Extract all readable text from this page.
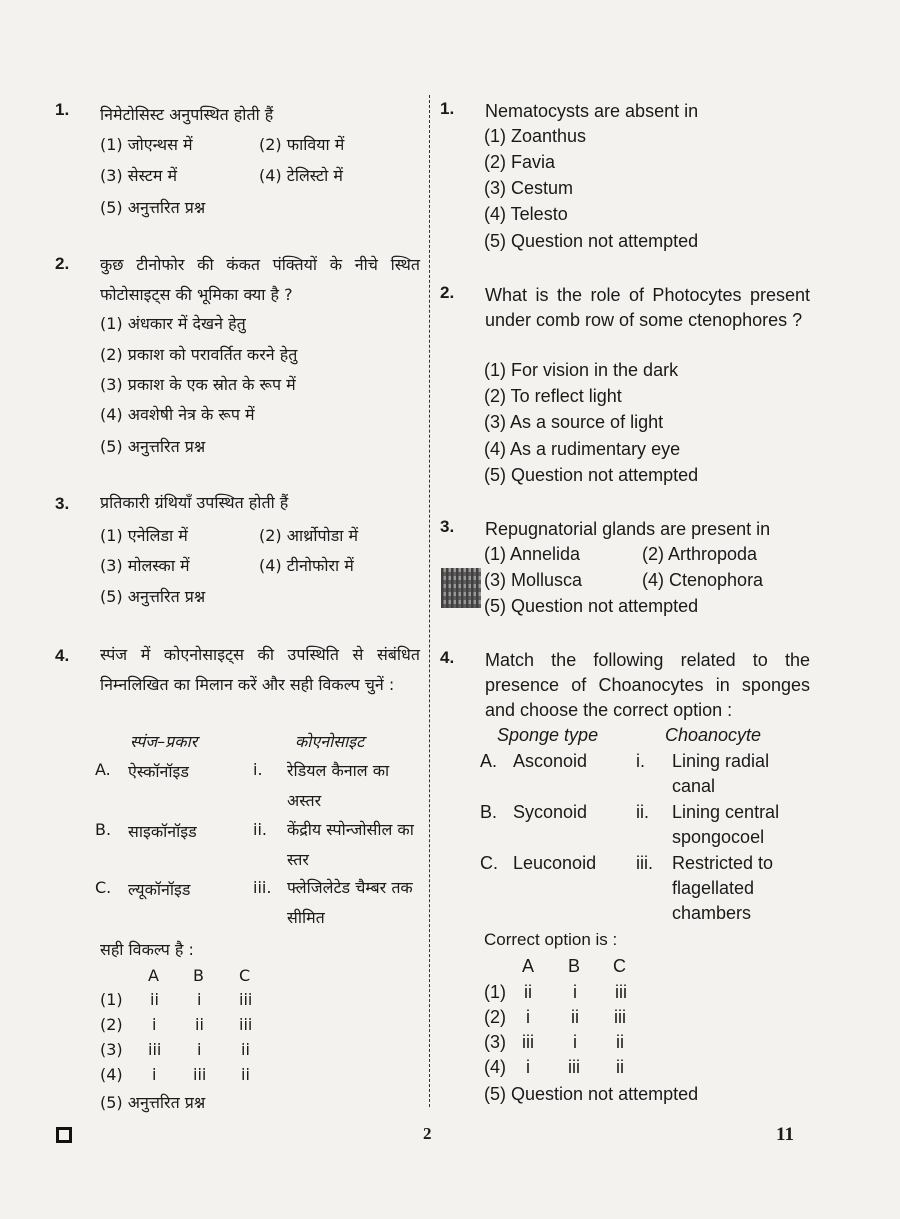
1. निमेटोसिस्ट अनुपस्थित होती हैं
(1) जोएन्थस में	(2) फाविया में
(3) सेस्टम में	(4) टेलिस्टो में
(5) अनुत्तरित प्रश्न
2. कुछ टीनोफोर की कंकत पंक्तियों के नीचे स्थित फोटोसाइट्स की भूमिका क्या है ?
(1) अंधकार में देखने हेतु
(2) प्रकाश को परावर्तित करने हेतु
(3) प्रकाश के एक स्रोत के रूप में
(4) अवशेषी नेत्र के रूप में
(5) अनुत्तरित प्रश्न
3. प्रतिकारी ग्रंथियाँ उपस्थित होती हैं
(1) एनेलिडा में	(2) आर्थ्रोपोडा में
(3) मोलस्का में	(4) टीनोफोरा में
(5) अनुत्तरित प्रश्न
4. स्पंज में कोएनोसाइट्स की उपस्थिति से संबंधित निम्नलिखित का मिलान करें और सही विकल्प चुनें :
स्पंज–प्रकार	कोएनोसाइट
A. ऐस्कॉनॉइड	i. रेडियल कैनाल का अस्तर
B. साइकॉनॉइड	ii. केंद्रीय स्पोन्जोसील का स्तर
C. ल्यूकॉनॉइड	iii. फ्लेजिलेटेड चैम्बर तक सीमित
सही विकल्प है :
A B C
(1) ii i iii
(2) i ii iii
(3) iii i ii
(4) i iii ii
(5) अनुत्तरित प्रश्न
1. Nematocysts are absent in
(1) Zoanthus
(2) Favia
(3) Cestum
(4) Telesto
(5) Question not attempted
2. What is the role of Photocytes present under comb row of some ctenophores ?
(1) For vision in the dark
(2) To reflect light
(3) As a source of light
(4) As a rudimentary eye
(5) Question not attempted
3. Repugnatorial glands are present in
(1) Annelida	(2) Arthropoda
(3) Mollusca	(4) Ctenophora
(5) Question not attempted
4. Match the following related to the presence of Choanocytes in sponges and choose the correct option :
Sponge type	Choanocyte
A. Asconoid	i. Lining radial canal
B. Syconoid	ii. Lining central spongocoel
C. Leuconoid iii. Restricted to flagellated chambers
Correct option is :
A B C
(1) ii i iii
(2) i ii iii
(3) iii i ii
(4) i iii ii
(5) Question not attempted
2	11
